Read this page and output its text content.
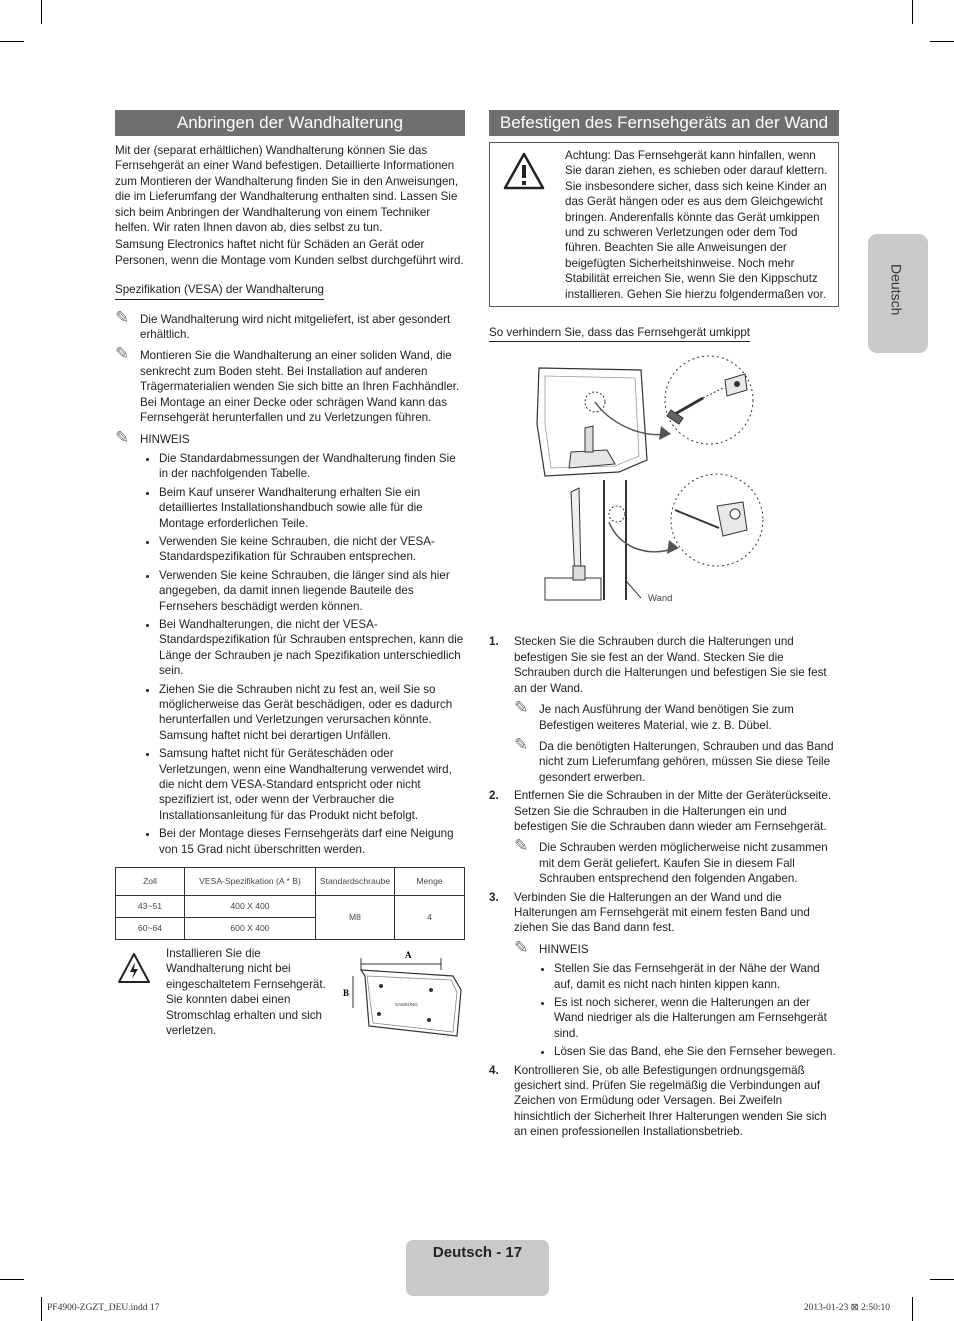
Anbringen der Wandhalterung

Mit der (separat erhältlichen) Wandhalterung können Sie das Fernsehgerät an einer Wand befestigen. Detaillierte Informationen zum Montieren der Wandhalterung finden Sie in den Anweisungen, die im Lieferumfang der Wandhalterung enthalten sind. Lassen Sie sich beim Anbringen der Wandhalterung von einem Techniker helfen. Wir raten Ihnen davon ab, dies selbst zu tun.

Samsung Electronics haftet nicht für Schäden an Gerät oder Personen, wenn die Montage vom Kunden selbst durchgeführt wird.

Spezifikation (VESA) der Wandhalterung
✎ Die Wandhalterung wird nicht mitgeliefert, ist aber gesondert erhältlich.
✎ Montieren Sie die Wandhalterung an einer soliden Wand, die senkrecht zum Boden steht. Bei Installation auf anderen Trägermaterialien wenden Sie sich bitte an Ihren Fachhändler. Bei Montage an einer Decke oder schrägen Wand kann das Fernsehgerät herunterfallen und zu Verletzungen führen.
✎ HINWEIS
• Die Standardabmessungen der Wandhalterung finden Sie in der nachfolgenden Tabelle.
• Beim Kauf unserer Wandhalterung erhalten Sie ein detailliertes Installationshandbuch sowie alle für die Montage erforderlichen Teile.
• Verwenden Sie keine Schrauben, die nicht der VESA-Standardspezifikation für Schrauben entsprechen.
• Verwenden Sie keine Schrauben, die länger sind als hier angegeben, da damit innen liegende Bauteile des Fernsehers beschädigt werden können.
• Bei Wandhalterungen, die nicht der VESA-Standardspezifikation für Schrauben entsprechen, kann die Länge der Schrauben je nach Spezifikation unterschiedlich sein.
• Ziehen Sie die Schrauben nicht zu fest an, weil Sie so möglicherweise das Gerät beschädigen, oder es dadurch herunterfallen und Verletzungen verursachen könnte. Samsung haftet nicht bei derartigen Unfällen.
• Samsung haftet nicht für Geräteschäden oder Verletzungen, wenn eine Wandhalterung verwendet wird, die nicht dem VESA-Standard entspricht oder nicht spezifiziert ist, oder wenn der Verbraucher die Installationsanleitung für das Produkt nicht befolgt.
• Bei der Montage dieses Fernsehgeräts darf eine Neigung von 15 Grad nicht überschritten werden.
Zoll	VESA-Spezifikation (A * B)	Standardschraube	Menge
43~51	400 X 400	M8	4
60~64	600 X 400		
Installieren Sie die Wandhalterung nicht bei eingeschaltetem Fernsehgerät. Sie konnten dabei einen Stromschlag erhalten und sich verletzen.
A
B
SAMSUNG
Befestigen des Fernsehgeräts an der Wand
Achtung: Das Fernsehgerät kann hinfallen, wenn Sie daran ziehen, es schieben oder darauf klettern. Sie insbesondere sicher, dass sich keine Kinder an das Gerät hängen oder es aus dem Gleichgewicht bringen. Anderenfalls könnte das Gerät umkippen und zu schweren Verletzungen oder dem Tod führen. Beachten Sie alle Anweisungen der beigefügten Sicherheitshinweise. Noch mehr Stabilität erreichen Sie, wenn Sie den Kippschutz installieren. Gehen Sie hierzu folgendermaßen vor.
So verhindern Sie, dass das Fernsehgerät umkippt
Wand
1. Stecken Sie die Schrauben durch die Halterungen und befestigen Sie sie fest an der Wand. Stecken Sie die Schrauben durch die Halterungen und befestigen Sie sie fest an der Wand.
✎ Je nach Ausführung der Wand benötigen Sie zum Befestigen weiteres Material, wie z. B. Dübel.
✎ Da die benötigten Halterungen, Schrauben und das Band nicht zum Lieferumfang gehören, müssen Sie diese Teile gesondert erwerben.
2. Entfernen Sie die Schrauben in der Mitte der Geräterückseite. Setzen Sie die Schrauben in die Halterungen ein und befestigen Sie die Schrauben dann wieder am Fernsehgerät.
✎ Die Schrauben werden möglicherweise nicht zusammen mit dem Gerät geliefert. Kaufen Sie in diesem Fall Schrauben entsprechend den folgenden Angaben.
3. Verbinden Sie die Halterungen an der Wand und die Halterungen am Fernsehgerät mit einem festen Band und ziehen Sie das Band dann fest.
✎ HINWEIS
• Stellen Sie das Fernsehgerät in der Nähe der Wand auf, damit es nicht nach hinten kippen kann.
• Es ist noch sicherer, wenn die Halterungen an der Wand niedriger als die Halterungen am Fernsehgerät sind.
• Lösen Sie das Band, ehe Sie den Fernseher bewegen.
4. Kontrollieren Sie, ob alle Befestigungen ordnungsgemäß gesichert sind. Prüfen Sie regelmäßig die Verbindungen auf Zeichen von Ermüdung oder Versagen. Bei Zweifeln hinsichtlich der Sicherheit Ihrer Halterungen wenden Sie sich an einen professionellen Installationsbetrieb.
Deutsch
Deutsch - 17
PF4900-ZGZT_DEU.indd 17	2013-01-23 ⊠ 2:50:10
